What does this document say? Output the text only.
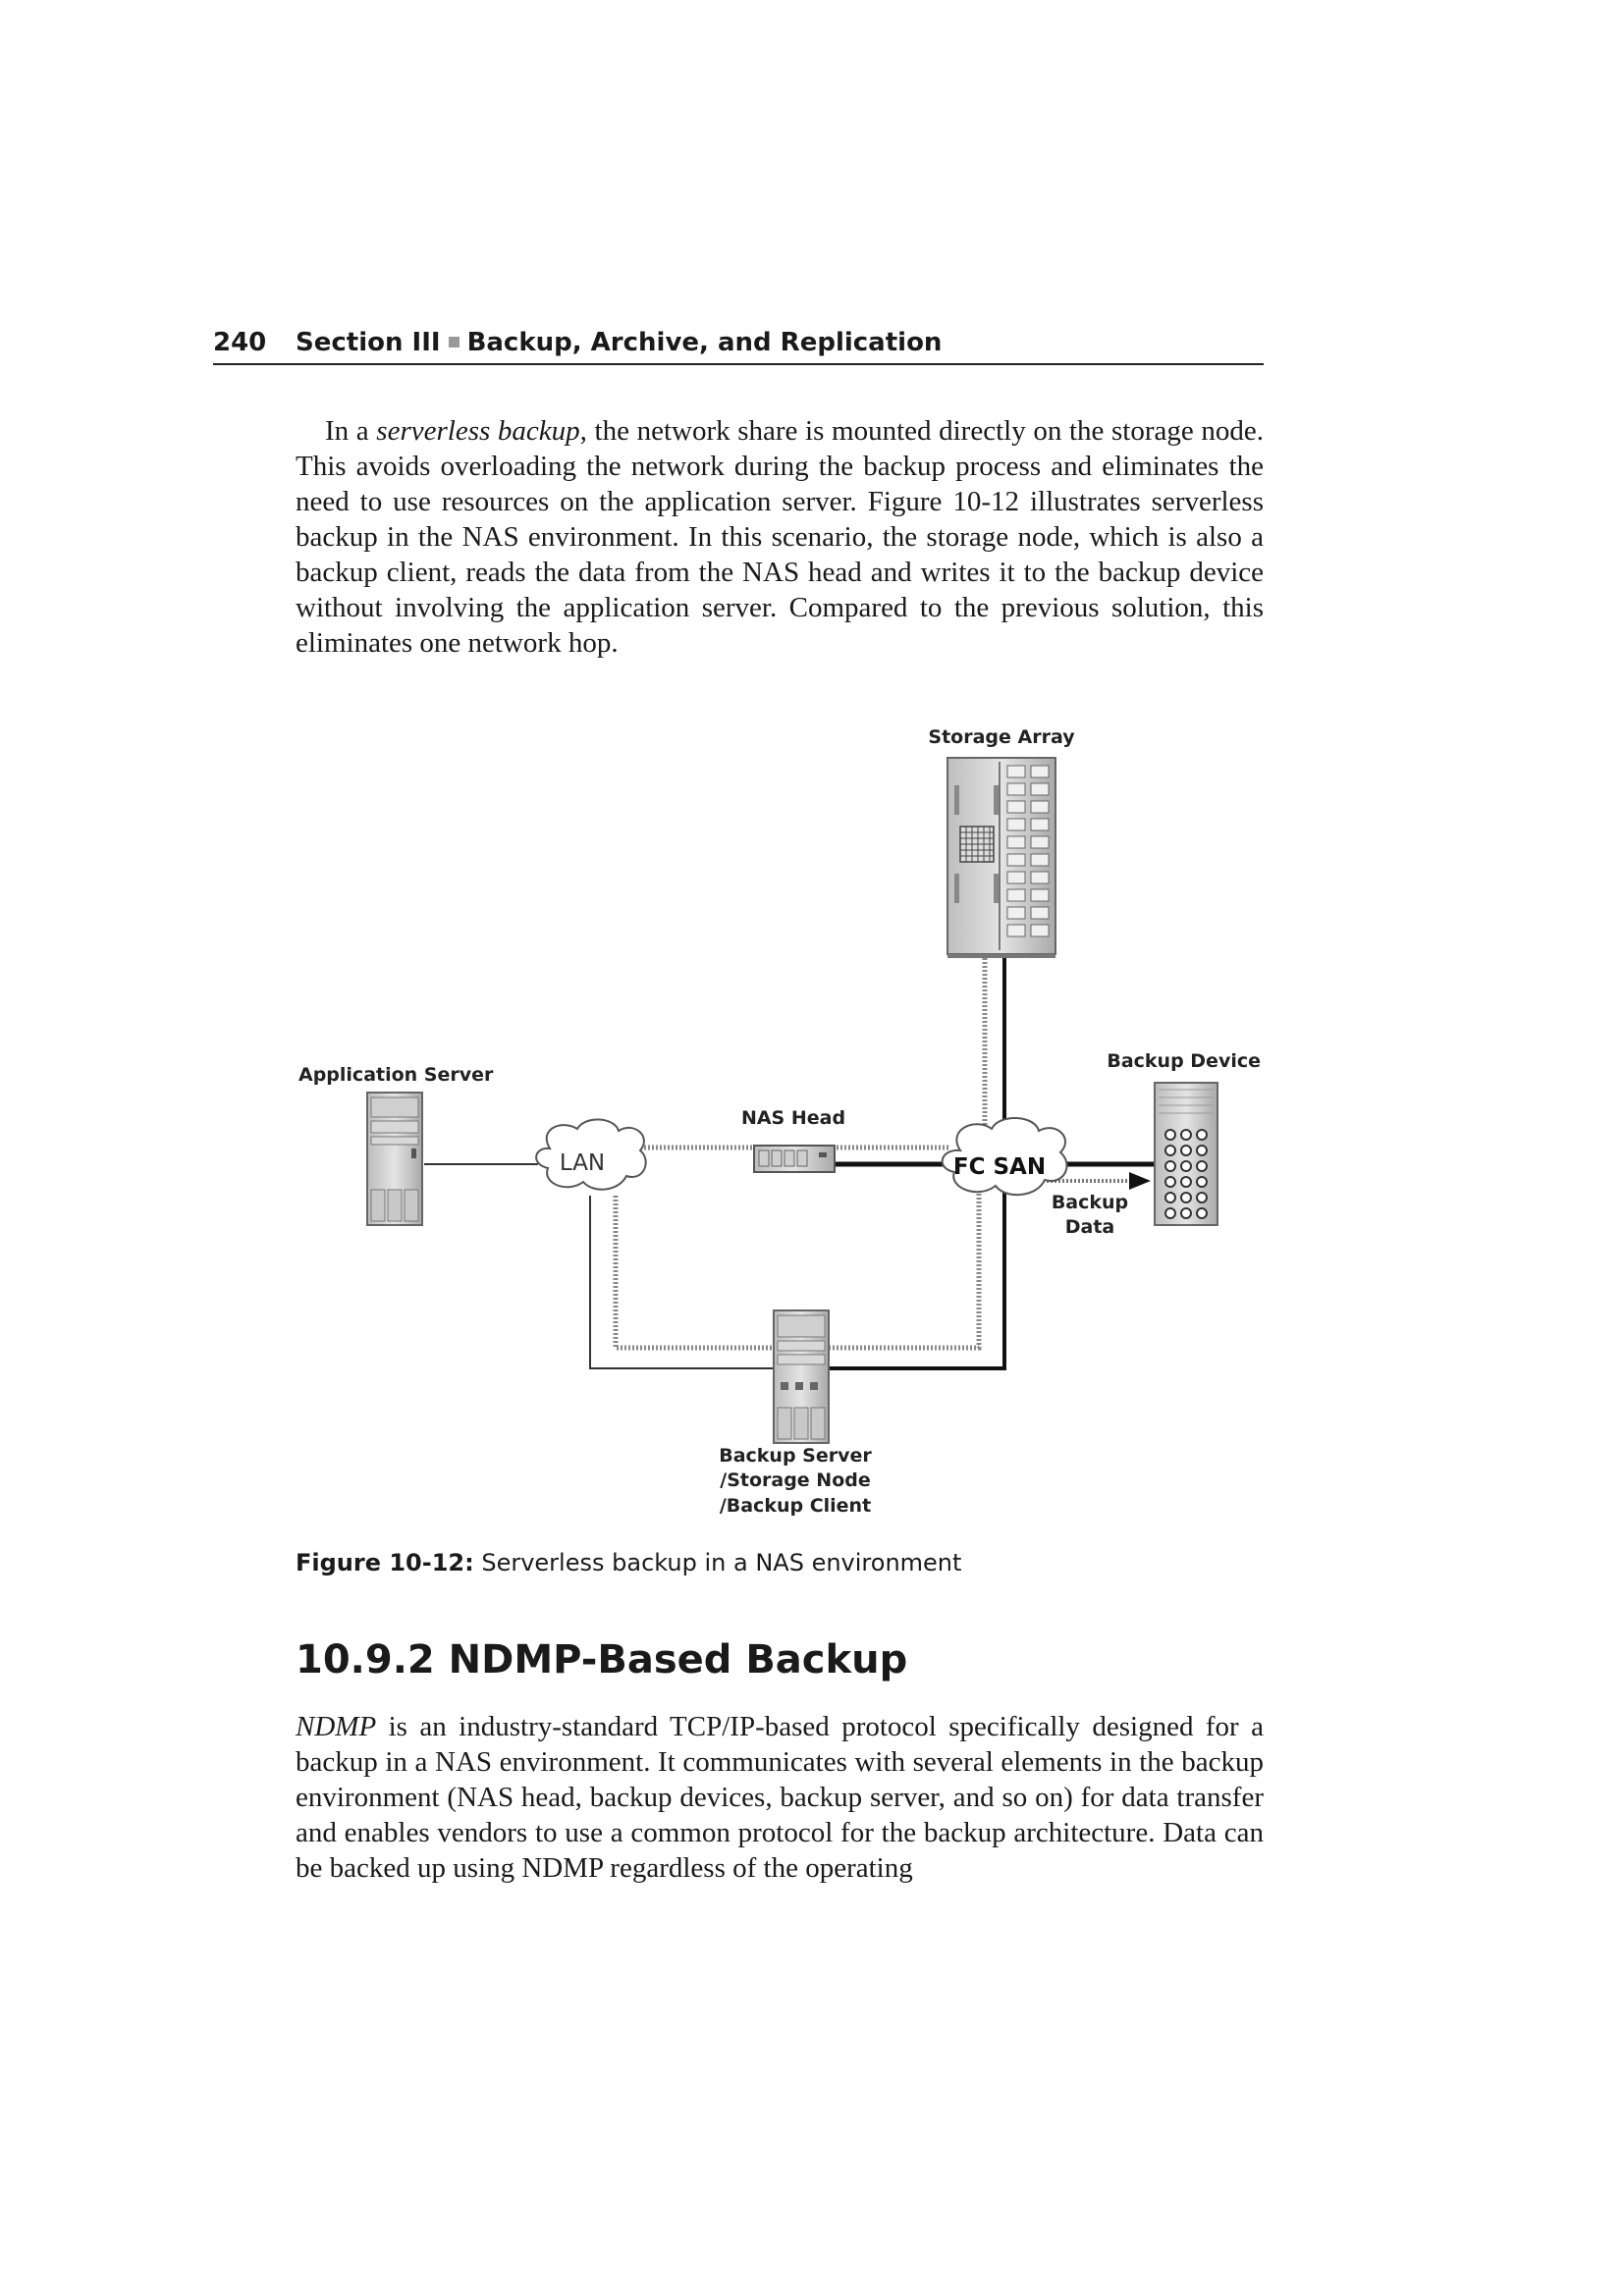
240 Section III Backup, Archive, and Replication

In a serverless backup, the network share is mounted directly on the storage node. This avoids overloading the network during the backup process and eliminates the need to use resources on the application server. Figure 10-12 illustrates serverless backup in the NAS environment. In this scenario, the storage node, which is also a backup client, reads the data from the NAS head and writes it to the backup device without involving the application server. Compared to the previous solution, this eliminates one network hop.

LAN	FC SAN
Storage Array
Application Server
NAS Head
Backup Device
Backup
Data
Backup Server
/Storage Node
/Backup Client
Figure 10-12: Serverless backup in a NAS environment
10.9.2 NDMP-Based Backup

NDMP is an industry-standard TCP/IP-based protocol specifically designed for a backup in a NAS environment. It communicates with several elements in the backup environment (NAS head, backup devices, backup server, and so on) for data transfer and enables vendors to use a common protocol for the backup architecture. Data can be backed up using NDMP regardless of the operating
